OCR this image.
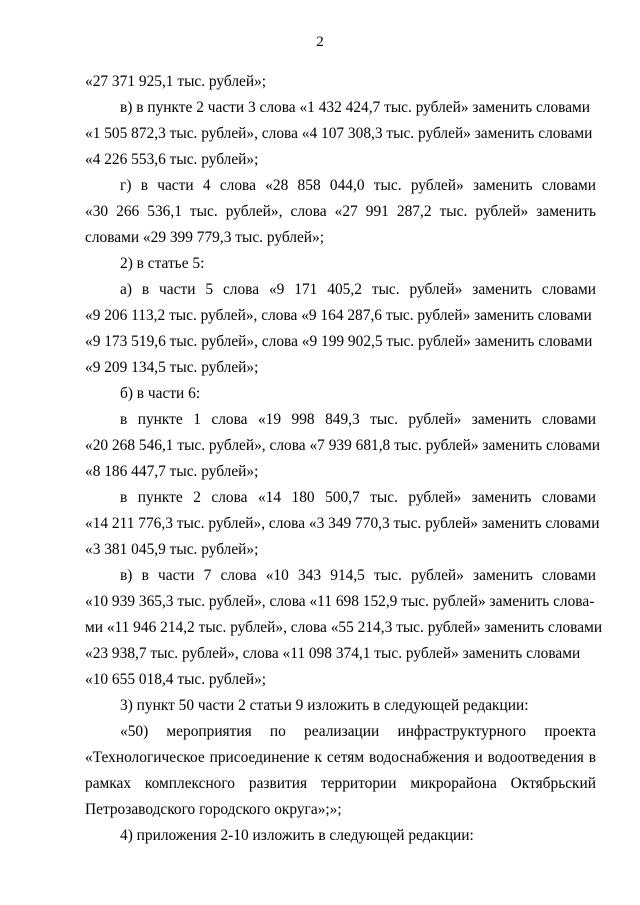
2
«27 371 925,1 тыс. рублей»;
в) в пункте 2 части 3 слова «1 432 424,7 тыс. рублей» заменить словами
«1 505 872,3 тыс. рублей», слова «4 107 308,3 тыс. рублей» заменить словами
«4 226 553,6 тыс. рублей»;
г) в части 4 слова «28 858 044,0 тыс. рублей» заменить словами
«30 266 536,1 тыс. рублей», слова «27 991 287,2 тыс. рублей» заменить
словами «29 399 779,3 тыс. рублей»;
2) в статье 5:
а) в части 5 слова «9 171 405,2 тыс. рублей» заменить словами
«9 206 113,2 тыс. рублей», слова «9 164 287,6 тыс. рублей» заменить словами
«9 173 519,6 тыс. рублей», слова «9 199 902,5 тыс. рублей» заменить словами
«9 209 134,5 тыс. рублей»;
б) в части 6:
в пункте 1 слова «19 998 849,3 тыс. рублей» заменить словами
«20 268 546,1 тыс. рублей», слова «7 939 681,8 тыс. рублей» заменить словами
«8 186 447,7 тыс. рублей»;
в пункте 2 слова «14 180 500,7 тыс. рублей» заменить словами
«14 211 776,3 тыс. рублей», слова «3 349 770,3 тыс. рублей» заменить словами
«3 381 045,9 тыс. рублей»;
в) в части 7 слова «10 343 914,5 тыс. рублей» заменить словами
«10 939 365,3 тыс. рублей», слова «11 698 152,9 тыс. рублей» заменить слова-
ми «11 946 214,2 тыс. рублей», слова «55 214,3 тыс. рублей» заменить словами
«23 938,7 тыс. рублей», слова «11 098 374,1 тыс. рублей» заменить словами
«10 655 018,4 тыс. рублей»;
3) пункт 50 части 2 статьи 9 изложить в следующей редакции:
«50) мероприятия по реализации инфраструктурного проекта
«Технологическое присоединение к сетям водоснабжения и водоотведения в
рамках комплексного развития территории микрорайона Октябрьский
Петрозаводского городского округа»;»;
4) приложения 2-10 изложить в следующей редакции:
